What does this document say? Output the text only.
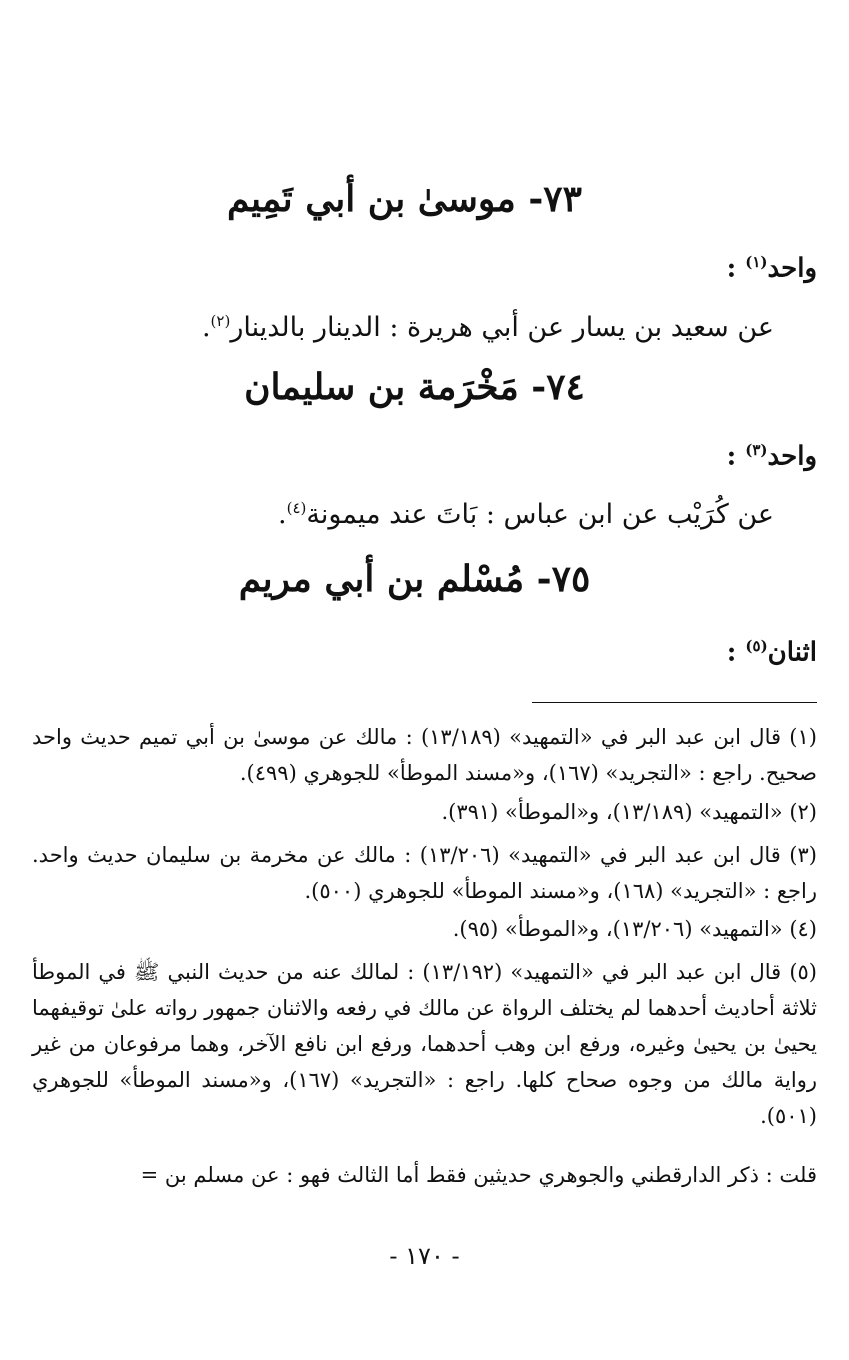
٧٣- موسىٰ بن أبي تَمِيم
واحد$^{(١)}$ :
عن سعيد بن يسار عن أبي هريرة : الدينار بالدينار$^{(٢)}$.
٧٤- مَخْرَمة بن سليمان
واحد$^{(٣)}$ :
عن كُرَيْب عن ابن عباس : بَاتَ عند ميمونة$^{(٤)}$.
٧٥- مُسْلم بن أبي مريم
اثنان$^{(٥)}$ :
(١) قال ابن عبد البر في «التمهيد» (١٣/١٨٩) : مالك عن موسىٰ بن أبي تميم حديث واحد صحيح. راجع : «التجريد» (١٦٧)، و«مسند الموطأ» للجوهري (٤٩٩).
(٢) «التمهيد» (١٣/١٨٩)، و«الموطأ» (٣٩١).
(٣) قال ابن عبد البر في «التمهيد» (١٣/٢٠٦) : مالك عن مخرمة بن سليمان حديث واحد. راجع : «التجريد» (١٦٨)، و«مسند الموطأ» للجوهري (٥٠٠).
(٤) «التمهيد» (١٣/٢٠٦)، و«الموطأ» (٩٥).
(٥) قال ابن عبد البر في «التمهيد» (١٣/١٩٢) : لمالك عنه من حديث النبي ﷺ في الموطأ ثلاثة أحاديث أحدهما لم يختلف الرواة عن مالك في رفعه والاثنان جمهور رواته علىٰ توقيفهما يحيىٰ بن يحيىٰ وغيره، ورفع ابن وهب أحدهما، ورفع ابن نافع الآخر، وهما مرفوعان من غير رواية مالك من وجوه صحاح كلها. راجع : «التجريد» (١٦٧)، و«مسند الموطأ» للجوهري (٥٠١).
قلت : ذكر الدارقطني والجوهري حديثين فقط أما الثالث فهو : عن مسلم بن =
- ١٧٠ -
